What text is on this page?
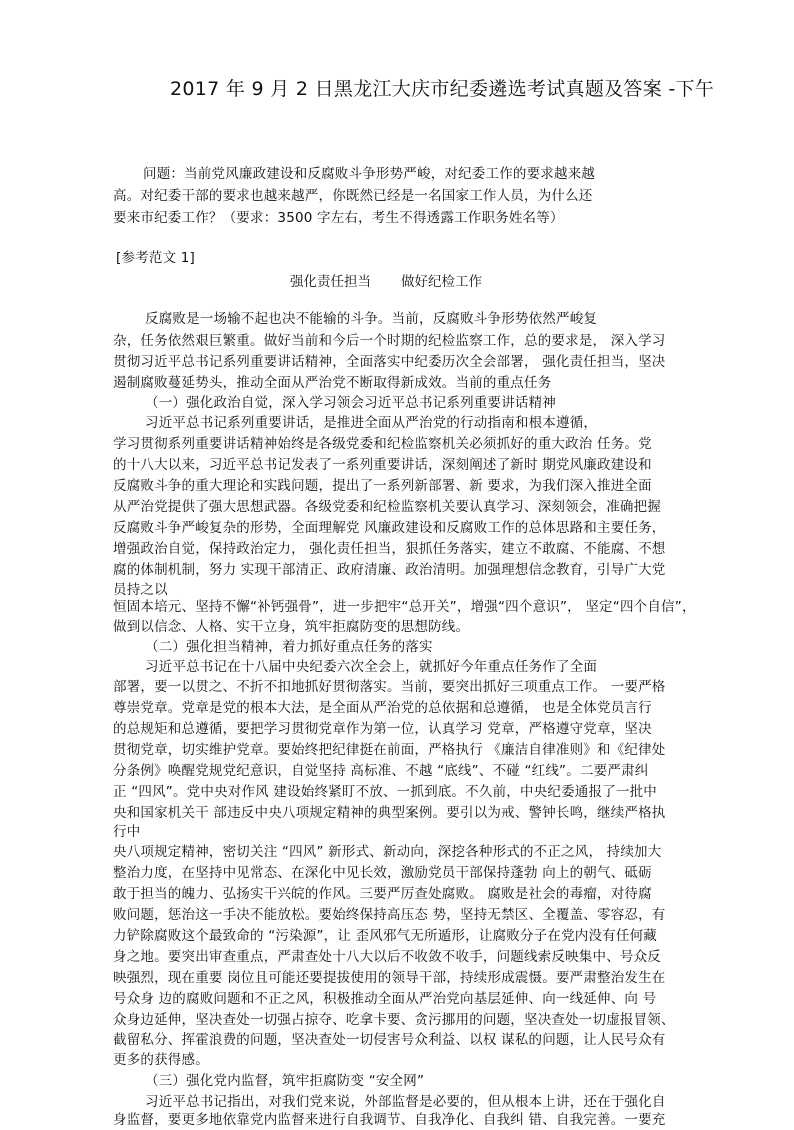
2017 年 9 月 2 日黑龙江大庆市纪委遴选考试真题及答案 -下午
问题：当前党风廉政建设和反腐败斗争形势严峻，对纪委工作的要求越来越
高。对纪委干部的要求也越来越严，你既然已经是一名国家工作人员，为什么还
要来市纪委工作？（要求：3500 字左右，考生不得透露工作职务姓名等）
[参考范文 1]
强化责任担当 做好纪检工作
反腐败是一场输不起也决不能输的斗争。当前，反腐败斗争形势依然严峻复
杂，任务依然艰巨繁重。做好当前和今后一个时期的纪检监察工作，总的要求是， 深入学习
贯彻习近平总书记系列重要讲话精神，全面落实中纪委历次全会部署， 强化责任担当，坚决
遏制腐败蔓延势头，推动全面从严治党不断取得新成效。当前的重点任务
（一）强化政治自觉，深入学习领会习近平总书记系列重要讲话精神
习近平总书记系列重要讲话，是推进全面从严治党的行动指南和根本遵循，
学习贯彻系列重要讲话精神始终是各级党委和纪检监察机关必须抓好的重大政治 任务。党
的十八大以来，习近平总书记发表了一系列重要讲话，深刻阐述了新时 期党风廉政建设和
反腐败斗争的重大理论和实践问题，提出了一系列新部署、新 要求，为我们深入推进全面
从严治党提供了强大思想武器。各级党委和纪检监察机关要认真学习、深刻领会，准确把握
反腐败斗争严峻复杂的形势，全面理解党 风廉政建设和反腐败工作的总体思路和主要任务，
增强政治自觉，保持政治定力， 强化责任担当，狠抓任务落实，建立不敢腐、不能腐、不想
腐的体制机制，努力 实现干部清正、政府清廉、政治清明。加强理想信念教育，引导广大党
员持之以
恒固本培元、坚持不懈“补钙强骨”，进一步把牢“总开关”，增强“四个意识”， 坚定“四个自信”，
做到以信念、人格、实干立身，筑牢拒腐防变的思想防线。
（二）强化担当精神，着力抓好重点任务的落实
习近平总书记在十八届中央纪委六次全会上，就抓好今年重点任务作了全面
部署，要一以贯之、不折不扣地抓好贯彻落实。当前，要突出抓好三项重点工作。 一要严格
尊崇党章。党章是党的根本大法，是全面从严治党的总依据和总遵循， 也是全体党员言行
的总规矩和总遵循，要把学习贯彻党章作为第一位，认真学习 党章，严格遵守党章，坚决
贯彻党章，切实维护党章。要始终把纪律挺在前面，严格执行 《廉洁自律准则》和《纪律处
分条例》唤醒党规党纪意识，自觉坚持 高标准、不越 “底线”、不碰 “红线”。二要严肃纠
正 “四风”。党中央对作风 建设始终紧盯不放、一抓到底。不久前，中央纪委通报了一批中
央和国家机关干 部违反中央八项规定精神的典型案例。要引以为戒、警钟长鸣，继续严格执
行中
央八项规定精神，密切关注 “四风” 新形式、新动向，深挖各种形式的不正之风， 持续加大
整治力度，在坚持中见常态、在深化中见长效，激励党员干部保持蓬勃 向上的朝气、砥砺
敢于担当的魄力、弘扬实干兴皖的作风。三要严厉查处腐败。 腐败是社会的毒瘤，对待腐
败问题，惩治这一手决不能放松。要始终保持高压态 势，坚持无禁区、全覆盖、零容忍，有
力铲除腐败这个最致命的 “污染源”，让 歪风邪气无所遁形，让腐败分子在党内没有任何藏
身之地。要突出审查重点，严肃查处十八大以后不收敛不收手，问题线索反映集中、号众反
映强烈，现在重要 岗位且可能还要提拔使用的领导干部，持续形成震慑。要严肃整治发生在
号众身 边的腐败问题和不正之风，积极推动全面从严治党向基层延伸、向一线延伸、向 号
众身边延伸，坚决查处一切强占掠夺、吃拿卡要、贪污挪用的问题，坚决查处一切虚报冒领、
截留私分、挥霍浪费的问题，坚决查处一切侵害号众利益、以权 谋私的问题，让人民号众有
更多的获得感。
（三）强化党内监督，筑牢拒腐防变 “安全网”
习近平总书记指出，对我们党来说，外部监督是必要的，但从根本上讲，还在于强化自
身监督，要更多地依靠党内监督来进行自我调节、自我净化、自我纠 错、自我完善。一要充
